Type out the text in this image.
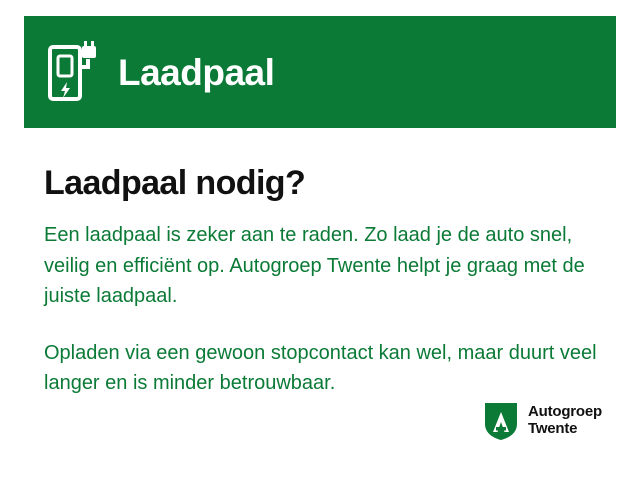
Laadpaal
Laadpaal nodig?

Een laadpaal is zeker aan te raden. Zo laad je de auto snel, veilig en efficiënt op. Autogroep Twente helpt je graag met de juiste laadpaal.

Opladen via een gewoon stopcontact kan wel, maar duurt veel langer en is minder betrouwbaar.

Autogroep
Twente
